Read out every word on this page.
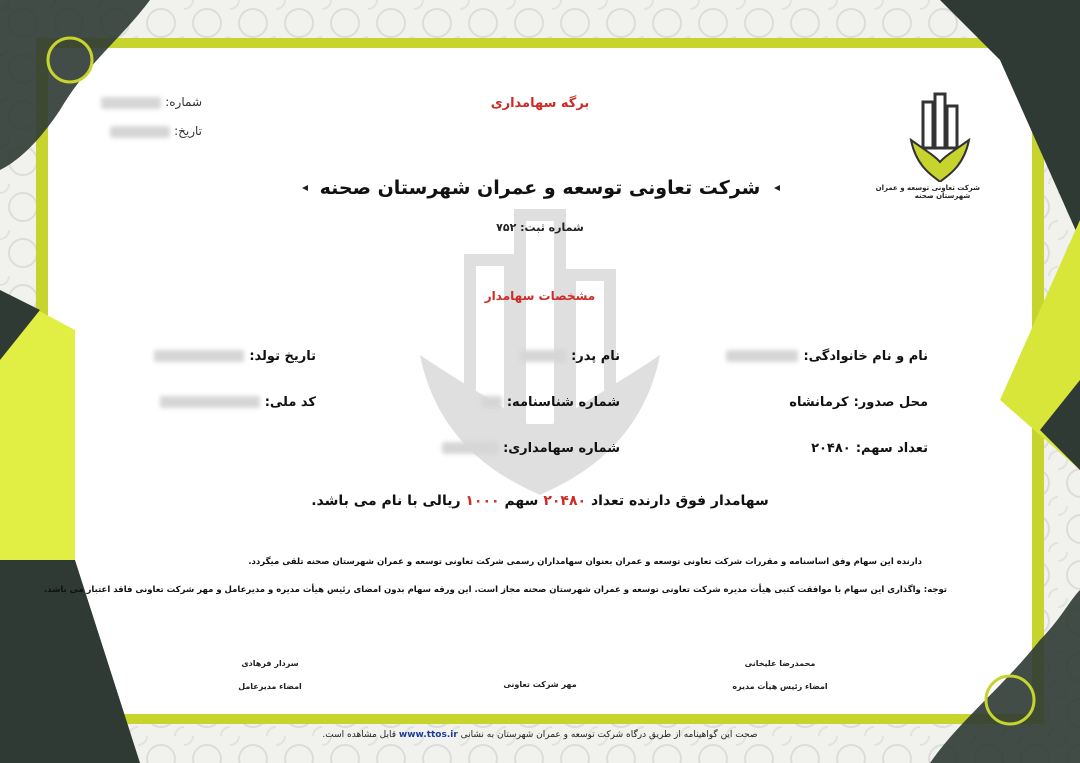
شرکت تعاونی توسعه و عمران
شهرستان صحنه
برگه سهامداری
شماره:
تاریخ:
شرکت تعاونی توسعه و عمران شهرستان صحنه
شماره ثبت: ۷۵۲
مشخصات سهامدار
نام و نام خانوادگی:
محل صدور: کرمانشاه
تعداد سهم: ۲۰۴۸۰
نام پدر:
شماره شناسنامه:
شماره سهامداری:
تاریخ تولد:
کد ملی:
سهامدار فوق دارنده تعداد ۲۰۴۸۰ سهم ۱۰۰۰ ریالی با نام می باشد.
دارنده این سهام وفق اساسنامه و مقررات شرکت تعاونی توسعه و عمران بعنوان سهامداران رسمی شرکت تعاونی توسعه و عمران شهرستان صحنه تلقی میگردد.
توجه: واگذاری این سهام با موافقت کتبی هیأت مدیره شرکت تعاونی توسعه و عمران شهرستان صحنه مجاز است. این ورقه سهام بدون امضای رئیس هیأت مدیره و مدیرعامل و مهر شرکت تعاونی فاقد اعتبار می باشد.
محمدرضا علیخانی
امضاء رئیس هیأت مدیره
مهر شرکت تعاونی
سردار فرهادی
امضاء مدیرعامل
صحت این گواهینامه از طریق درگاه شرکت توسعه و عمران شهرستان به نشانی www.ttos.ir قابل مشاهده است.
